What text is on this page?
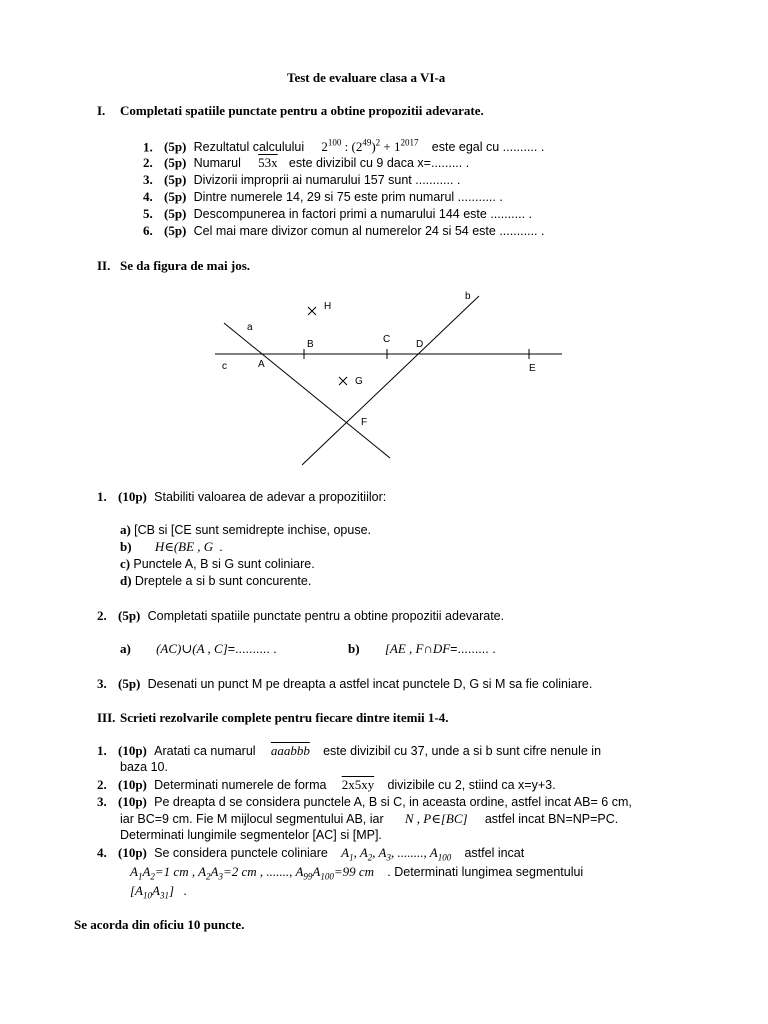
Test de evaluare clasa a VI-a
I. Completati spatiile punctate pentru a obtine propozitii adevarate.
1. (5p) Rezultatul calculului $2^{100}$ : $(2^{49})^2 + 1^{2017}$ este egal cu .......... .
2. (5p) Numarul 53x este divizibil cu 9 daca x=......... .
3. (5p) Divizorii improprii ai numarului 157 sunt ........... .
4. (5p) Dintre numerele 14, 29 si 75 este prim numarul ........... .
5. (5p) Descompunerea in factori primi a numarului 144 este .......... .
6. (5p) Cel mai mare divizor comun al numerelor 24 si 54 este ........... .
II. Se da figura de mai jos.
a
b
c	A
B	C	D
E
F
G
H
1. (10p) Stabiliti valoarea de adevar a propozitiilor:
a) [CB si [CE sunt semidrepte inchise, opuse.
b) H∈(BE , G  .
c) Punctele A, B si G sunt coliniare.
d) Dreptele a si b sunt concurente.
2. (5p) Completati spatiile punctate pentru a obtine propozitii adevarate.
a) (AC)∪(A , C]=.......... .	b) [AE , F∩DF=......... .
3. (5p) Desenati un punct M pe dreapta a astfel incat punctele D, G si M sa fie coliniare.
III. Scrieti rezolvarile complete pentru fiecare dintre itemii 1-4.
1. (10p) Aratati ca numarul aaabbb este divizibil cu 37, unde a si b sunt cifre nenule in
baza 10.
2. (10p) Determinati numerele de forma 2x5xy divizibile cu 2, stiind ca x=y+3.
3. (10p) Pe dreapta d se considera punctele A, B si C, in aceasta ordine, astfel incat AB= 6 cm,
iar BC=9 cm. Fie M mijlocul segmentului AB, iar N , P∈[BC] astfel incat BN=NP=PC.
Determinati lungimile segmentelor [AC] si [MP].
4. (10p) Se considera punctele coliniare $A_1$, $A_2$, $A_3$, ........, $A_{100}$ astfel incat
$A_1A_2=1$ cm , $A_2A_3=2$ cm , ......., $A_{99}A_{100}=99$ cm . Determinati lungimea segmentului
$[A_{10}A_{31}]$   .
Se acorda din oficiu 10 puncte.
